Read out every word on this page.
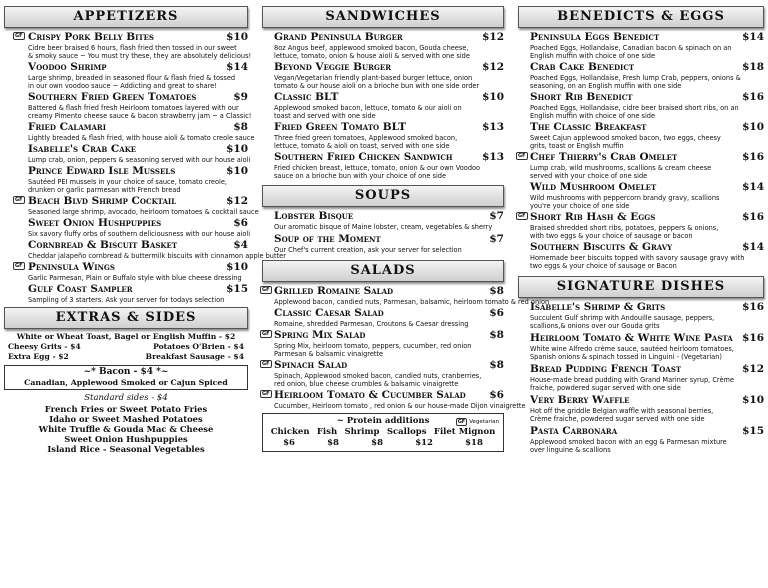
APPETIZERS
GF Crispy Pork Belly Bites	$10
Cidre beer braised 6 hours, flash fried then tossed in our sweet
& smoky sauce ~ You must try these, they are absolutely delicious!
Voodoo Shrimp	$14
Large shrimp, breaded in seasoned flour & flash fried & tossed
in our own voodoo sauce ~ Addicting and great to share!
Southern Fried Green Tomatoes	$9
Battered & flash fried fresh Heirloom tomatoes layered with our
creamy Pimento cheese sauce & bacon strawberry jam ~ a Classic!
Fried Calamari	$8
Lightly breaded & flash fried, with house aioli & tomato creole sauce
Isabelle's Crab Cake	$10
Lump crab, onion, peppers & seasoning served with our house aioli
Prince Edward Isle Mussels	$10
Sautéed PEI mussels in your choice of sauce, tomato creole,
drunken or garlic parmesan with French bread
GF Beach Blvd Shrimp Cocktail	$12
Seasoned large shrimp, avocado, heirloom tomatoes & cocktail sauce
Sweet Onion Hushpuppies	$6
Six savory fluffy orbs of southern deliciousness with our house aioli
Cornbread & Biscuit Basket	$4
Cheddar jalapeño cornbread & buttermilk biscuits with cinnamon apple butter
GF Peninsula Wings	$10
Garlic Parmesan, Plain or Buffalo style with blue cheese dressing
Gulf Coast Sampler	$15
Sampling of 3 starters. Ask your server for todays selection
EXTRAS & SIDES
White or Wheat Toast, Bagel or English Muffin - $2
Cheesy Grits - $4	Potatoes O'Brien - $4
Extra Egg - $2	Breakfast Sausage - $4
~* Bacon - $4 *~
Canadian, Applewood Smoked or Cajun Spiced
Standard sides - $4
French Fries or Sweet Potato Fries
Idaho or Sweet Mashed Potatoes
White Truffle & Gouda Mac & Cheese
Sweet Onion Hushpuppies
Island Rice - Seasonal Vegetables
SANDWICHES
Grand Peninsula Burger	$12
8oz Angus beef, applewood smoked bacon, Gouda cheese,
lettuce, tomato, onion & house aioli & served with one side
Beyond Veggie Burger	$12
Vegan/Vegetarian friendly plant-based burger lettuce, onion
tomato & our house aioli on a brioche bun with one side order
Classic BLT	$10
Applewood smoked bacon, lettuce, tomato & our aioli on
toast and served with one side
Fried Green Tomato BLT	$13
Three fried green tomatoes, Applewood smoked bacon,
lettuce, tomato & aioli on toast, served with one side
Southern Fried Chicken Sandwich	$13
Fried chicken breast, lettuce, tomato, onion & our own Voodoo
sauce on a brioche bun with your choice of one side
SOUPS
Lobster Bisque	$7
Our aromatic bisque of Maine lobster, cream, vegetables & sherry
Soup of the Moment	$7
Our Chef's current creation, ask your server for selection
SALADS
GF Grilled Romaine Salad	$8
Applewood bacon, candied nuts, Parmesan, balsamic, heirloom tomato & red onion
Classic Caesar Salad	$6
Romaine, shredded Parmesan, Croutons & Caesar dressing
GF Spring Mix Salad	$8
Spring Mix, heirloom tomato, peppers, cucumber, red onion
Parmesan & balsamic vinaigrette
GF Spinach Salad	$8
Spinach, Applewood smoked bacon, candied nuts, cranberries,
red onion, blue cheese crumbles & balsamic vinaigrette
GF Heirloom Tomato & Cucumber Salad $6
Cucumber, Heirloom tomato , red onion & our house-made Dijon vinaigrette
~ Protein additions	GF Vegetarian
Chicken Fish Shrimp Scallops Filet Mignon
$6	$8	$8	$12	$18
BENEDICTS & EGGS
Peninsula Eggs Benedict	$14
Poached Eggs, Hollandaise, Canadian bacon & spinach on an
English muffin with choice of one side
Crab Cake Benedict	$18
Poached Eggs, Hollandaise, Fresh lump Crab, peppers, onions &
seasoning, on an English muffin with one side
Short Rib Benedict	$16
Poached Eggs, Hollandaise, cidre beer braised short ribs, on an
English muffin with choice of one side
The Classic Breakfast	$10
Sweet Cajun applewood smoked bacon, two eggs, cheesy
grits, toast or English muffin
GF Chef Thierry's Crab Omelet	$16
Lump crab, wild mushrooms, scallions & cream cheese
served with your choice of one side
Wild Mushroom Omelet	$14
Wild mushrooms with peppercorn brandy gravy, scallions
you're your choice of one side
GF Short Rib Hash & Eggs	$16
Braised shredded short ribs, potatoes, peppers & onions,
with two eggs & your choice of sausage or bacon
Southern Biscuits & Gravy	$14
Homemade beer biscuits topped with savory sausage gravy with
two eggs & your choice of sausage or Bacon
SIGNATURE DISHES
Isabelle's Shrimp & Grits	$16
Succulent Gulf shrimp with Andouille sausage, peppers,
scallions,& onions over our Gouda grits
Heirloom Tomato & White Wine Pasta $16
White wine Alfredo crème sauce, sautéed heirloom tomatoes,
Spanish onions & spinach tossed in Linguini - (Vegetarian)
Bread Pudding French Toast	$12
House-made bread pudding with Grand Mariner syrup, Crème
fraiche, powdered sugar served with one side
Very Berry Waffle	$10
Hot off the griddle Belgian waffle with seasonal berries,
Crème fraiche, powdered sugar served with one side
Pasta Carbonara	$15
Applewood smoked bacon with an egg & Parmesan mixture
over linguine & scallions
